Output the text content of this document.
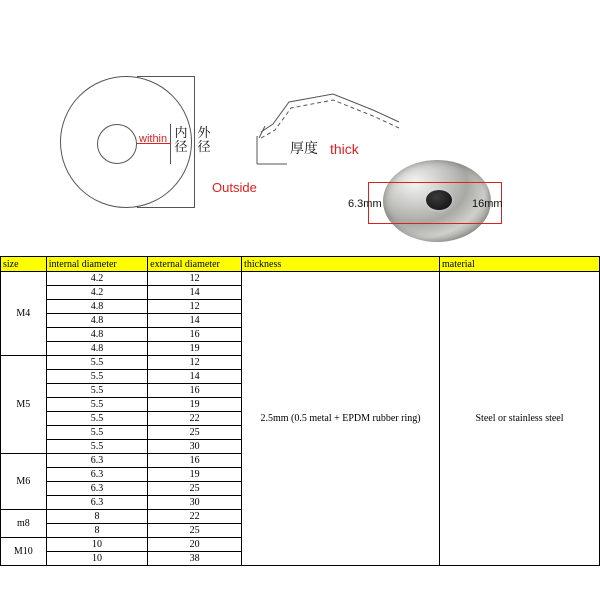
within 内径
外径
Outside
厚度 thick
6.3mm	16mm
size	internal diameter	external diameter	thickness	material
M4	4.2	12	2.5mm (0.5 metal + EPDM rubber ring)	Steel or stainless steel
	4.2	14		
	4.8	12		
	4.8	14		
	4.8	16		
	4.8	19		
M5	5.5	12		
	5.5	14		
	5.5	16		
	5.5	19		
	5.5	22		
	5.5	25		
	5.5	30		
M6	6.3	16		
	6.3	19		
	6.3	25		
	6.3	30		
m8	8	22		
	8	25		
M10	10	20		
	10	38		
